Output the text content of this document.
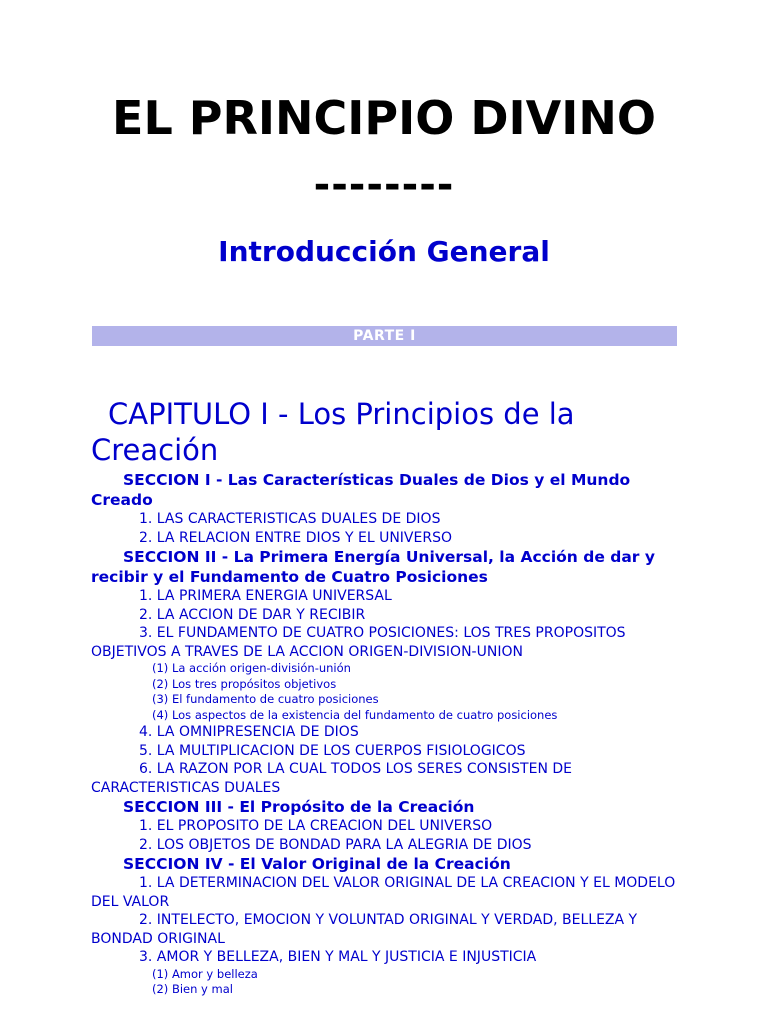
EL PRINCIPIO DIVINO
--------
Introducción General
PARTE I

CAPITULO I - Los Principios de la Creación

SECCION I - Las Características Duales de Dios y el Mundo Creado

1. LAS CARACTERISTICAS DUALES DE DIOS

2. LA RELACION ENTRE DIOS Y EL UNIVERSO

SECCION II - La Primera Energía Universal, la Acción de dar y recibir y el Fundamento de Cuatro Posiciones

1. LA PRIMERA ENERGIA UNIVERSAL

2. LA ACCION DE DAR Y RECIBIR

3. EL FUNDAMENTO DE CUATRO POSICIONES: LOS TRES PROPOSITOS OBJETIVOS A TRAVES DE LA ACCION ORIGEN-DIVISION-UNION

(1) La acción origen-división-unión

(2) Los tres propósitos objetivos

(3) El fundamento de cuatro posiciones

(4) Los aspectos de la existencia del fundamento de cuatro posiciones

4. LA OMNIPRESENCIA DE DIOS

5. LA MULTIPLICACION DE LOS CUERPOS FISIOLOGICOS

6. LA RAZON POR LA CUAL TODOS LOS SERES CONSISTEN DE CARACTERISTICAS DUALES

SECCION III - El Propósito de la Creación

1. EL PROPOSITO DE LA CREACION DEL UNIVERSO

2. LOS OBJETOS DE BONDAD PARA LA ALEGRIA DE DIOS

SECCION IV - El Valor Original de la Creación

1. LA DETERMINACION DEL VALOR ORIGINAL DE LA CREACION Y EL MODELO DEL VALOR

2. INTELECTO, EMOCION Y VOLUNTAD ORIGINAL Y VERDAD, BELLEZA Y BONDAD ORIGINAL

3. AMOR Y BELLEZA, BIEN Y MAL Y JUSTICIA E INJUSTICIA

(1) Amor y belleza

(2) Bien y mal
